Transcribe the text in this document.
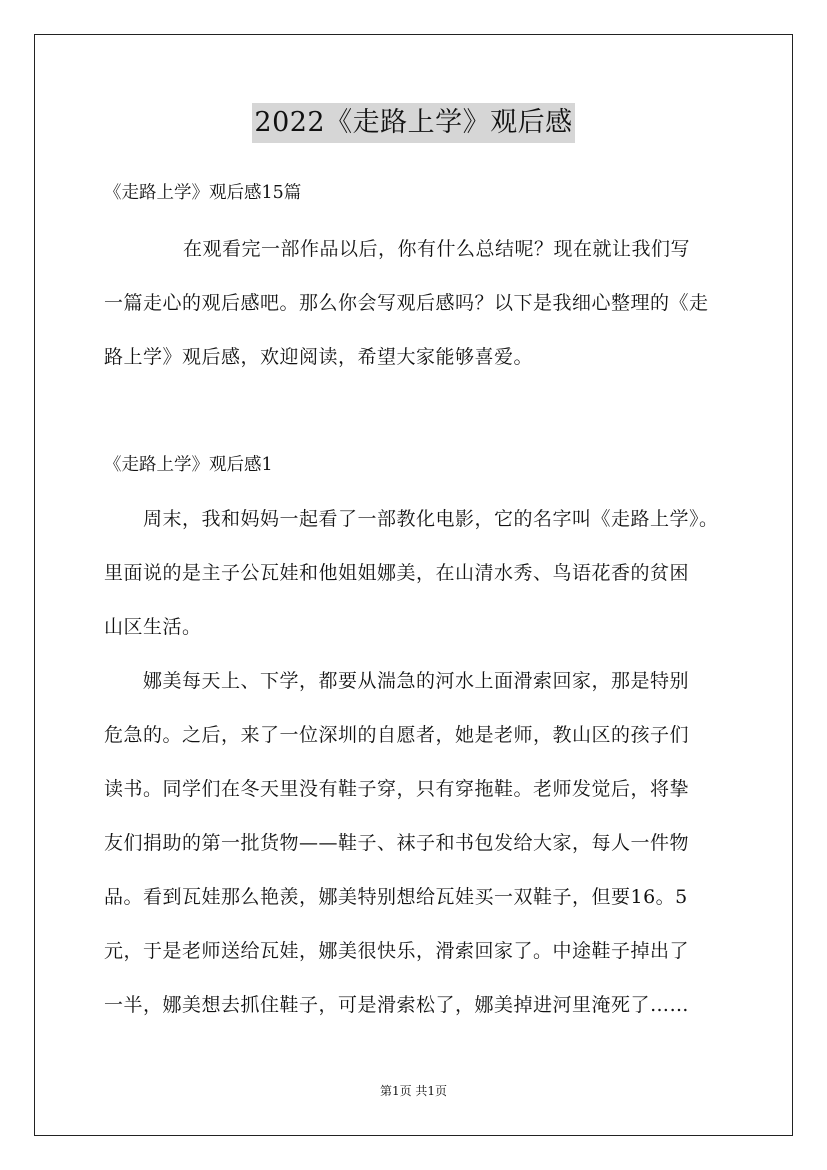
2022《走路上学》观后感
《走路上学》观后感15篇
在观看完一部作品以后，你有什么总结呢？现在就让我们写
一篇走心的观后感吧。那么你会写观后感吗？以下是我细心整理的《走
路上学》观后感，欢迎阅读，希望大家能够喜爱。
《走路上学》观后感1
周末，我和妈妈一起看了一部教化电影，它的名字叫《走路上学》。
里面说的是主子公瓦娃和他姐姐娜美，在山清水秀、鸟语花香的贫困
山区生活。
娜美每天上、下学，都要从湍急的河水上面滑索回家，那是特别
危急的。之后，来了一位深圳的自愿者，她是老师，教山区的孩子们
读书。同学们在冬天里没有鞋子穿，只有穿拖鞋。老师发觉后，将挚
友们捐助的第一批货物——鞋子、袜子和书包发给大家，每人一件物
品。看到瓦娃那么艳羡，娜美特别想给瓦娃买一双鞋子，但要16。5
元，于是老师送给瓦娃，娜美很快乐，滑索回家了。中途鞋子掉出了
一半，娜美想去抓住鞋子，可是滑索松了，娜美掉进河里淹死了……
第1页 共1页
